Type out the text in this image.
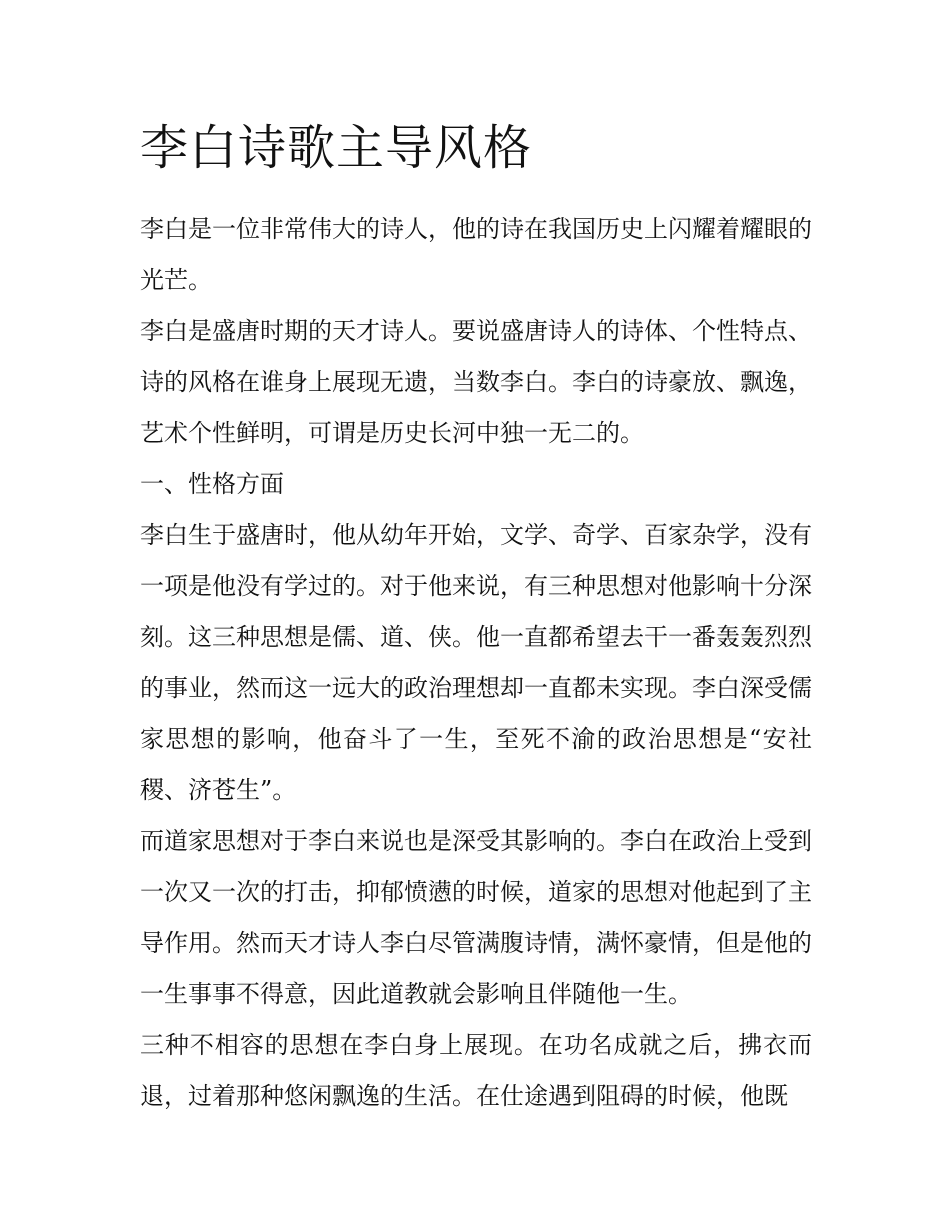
李白诗歌主导风格

李白是一位非常伟大的诗人，他的诗在我国历史上闪耀着耀眼的光芒。

李白是盛唐时期的天才诗人。要说盛唐诗人的诗体、个性特点、诗的风格在谁身上展现无遗，当数李白。李白的诗豪放、飘逸，艺术个性鲜明，可谓是历史长河中独一无二的。

一、性格方面

李白生于盛唐时，他从幼年开始，文学、奇学、百家杂学，没有一项是他没有学过的。对于他来说，有三种思想对他影响十分深刻。这三种思想是儒、道、侠。他一直都希望去干一番轰轰烈烈的事业，然而这一远大的政治理想却一直都未实现。李白深受儒家思想的影响，他奋斗了一生，至死不渝的政治思想是“安社稷、济苍生”。

而道家思想对于李白来说也是深受其影响的。李白在政治上受到一次又一次的打击，抑郁愤懑的时候，道家的思想对他起到了主导作用。然而天才诗人李白尽管满腹诗情，满怀豪情，但是他的一生事事不得意，因此道教就会影响且伴随他一生。

三种不相容的思想在李白身上展现。在功名成就之后，拂衣而退，过着那种悠闲飘逸的生活。在仕途遇到阻碍的时候，他既
